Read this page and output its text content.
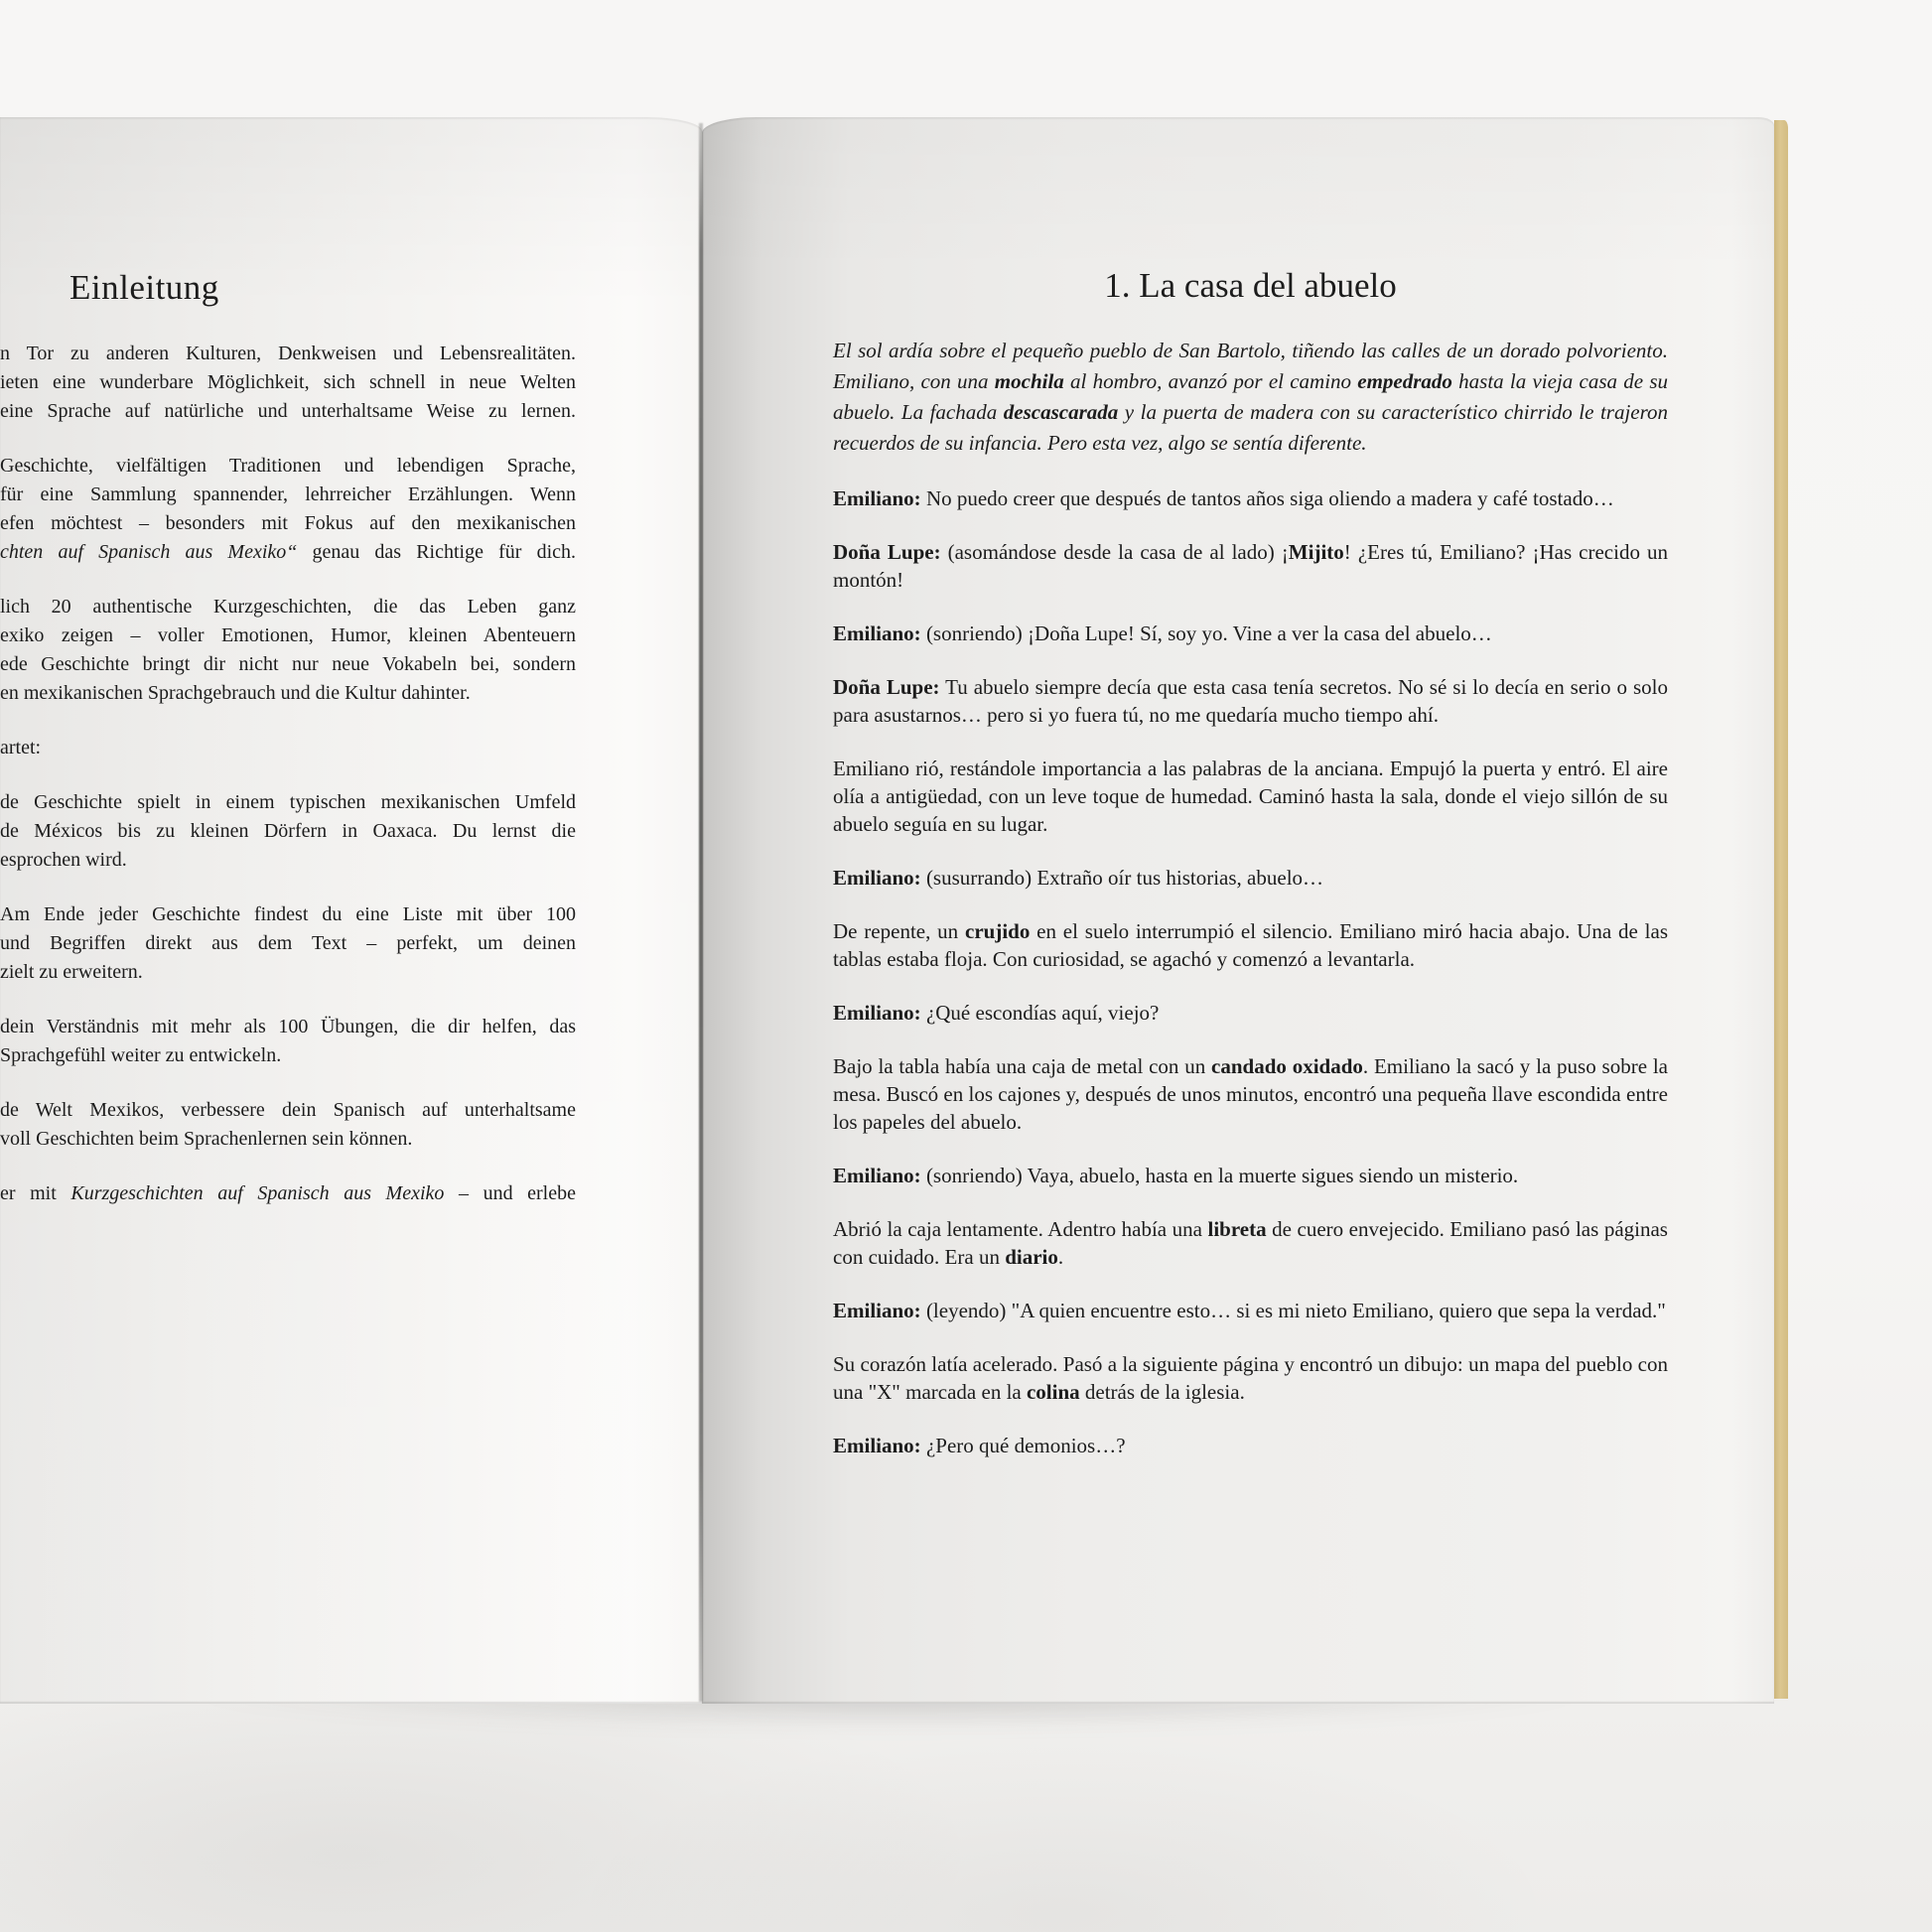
Einleitung
n Tor zu anderen Kulturen, Denkweisen und Lebensrealitäten.
ieten eine wunderbare Möglichkeit, sich schnell in neue Welten
eine Sprache auf natürliche und unterhaltsame Weise zu lernen.
Geschichte, vielfältigen Traditionen und lebendigen Sprache,
für eine Sammlung spannender, lehrreicher Erzählungen. Wenn
efen möchtest – besonders mit Fokus auf den mexikanischen
chten auf Spanisch aus Mexiko“ genau das Richtige für dich.
lich 20 authentische Kurzgeschichten, die das Leben ganz
exiko zeigen – voller Emotionen, Humor, kleinen Abenteuern
ede Geschichte bringt dir nicht nur neue Vokabeln bei, sondern
en mexikanischen Sprachgebrauch und die Kultur dahinter.
artet:
de Geschichte spielt in einem typischen mexikanischen Umfeld
de Méxicos bis zu kleinen Dörfern in Oaxaca. Du lernst die
esprochen wird.
Am Ende jeder Geschichte findest du eine Liste mit über 100
und Begriffen direkt aus dem Text – perfekt, um deinen
zielt zu erweitern.
dein Verständnis mit mehr als 100 Übungen, die dir helfen, das
Sprachgefühl weiter zu entwickeln.
de Welt Mexikos, verbessere dein Spanisch auf unterhaltsame
voll Geschichten beim Sprachenlernen sein können.
er mit Kurzgeschichten auf Spanisch aus Mexiko – und erlebe
1. La casa del abuelo

El sol ardía sobre el pequeño pueblo de San Bartolo, tiñendo las calles de un dorado polvoriento. Emiliano, con una mochila al hombro, avanzó por el camino empedrado hasta la vieja casa de su abuelo. La fachada descascarada y la puerta de madera con su característico chirrido le trajeron recuerdos de su infancia. Pero esta vez, algo se sentía diferente.

Emiliano: No puedo creer que después de tantos años siga oliendo a madera y café tostado…

Doña Lupe: (asomándose desde la casa de al lado) ¡Mijito! ¿Eres tú, Emiliano? ¡Has crecido un montón!

Emiliano: (sonriendo) ¡Doña Lupe! Sí, soy yo. Vine a ver la casa del abuelo…

Doña Lupe: Tu abuelo siempre decía que esta casa tenía secretos. No sé si lo decía en serio o solo para asustarnos… pero si yo fuera tú, no me quedaría mucho tiempo ahí.

Emiliano rió, restándole importancia a las palabras de la anciana. Empujó la puerta y entró. El aire olía a antigüedad, con un leve toque de humedad. Caminó hasta la sala, donde el viejo sillón de su abuelo seguía en su lugar.

Emiliano: (susurrando) Extraño oír tus historias, abuelo…

De repente, un crujido en el suelo interrumpió el silencio. Emiliano miró hacia abajo. Una de las tablas estaba floja. Con curiosidad, se agachó y comenzó a levantarla.

Emiliano: ¿Qué escondías aquí, viejo?

Bajo la tabla había una caja de metal con un candado oxidado. Emiliano la sacó y la puso sobre la mesa. Buscó en los cajones y, después de unos minutos, encontró una pequeña llave escondida entre los papeles del abuelo.

Emiliano: (sonriendo) Vaya, abuelo, hasta en la muerte sigues siendo un misterio.

Abrió la caja lentamente. Adentro había una libreta de cuero envejecido. Emiliano pasó las páginas con cuidado. Era un diario.

Emiliano: (leyendo) "A quien encuentre esto… si es mi nieto Emiliano, quiero que sepa la verdad."

Su corazón latía acelerado. Pasó a la siguiente página y encontró un dibujo: un mapa del pueblo con una "X" marcada en la colina detrás de la iglesia.

Emiliano: ¿Pero qué demonios…?
